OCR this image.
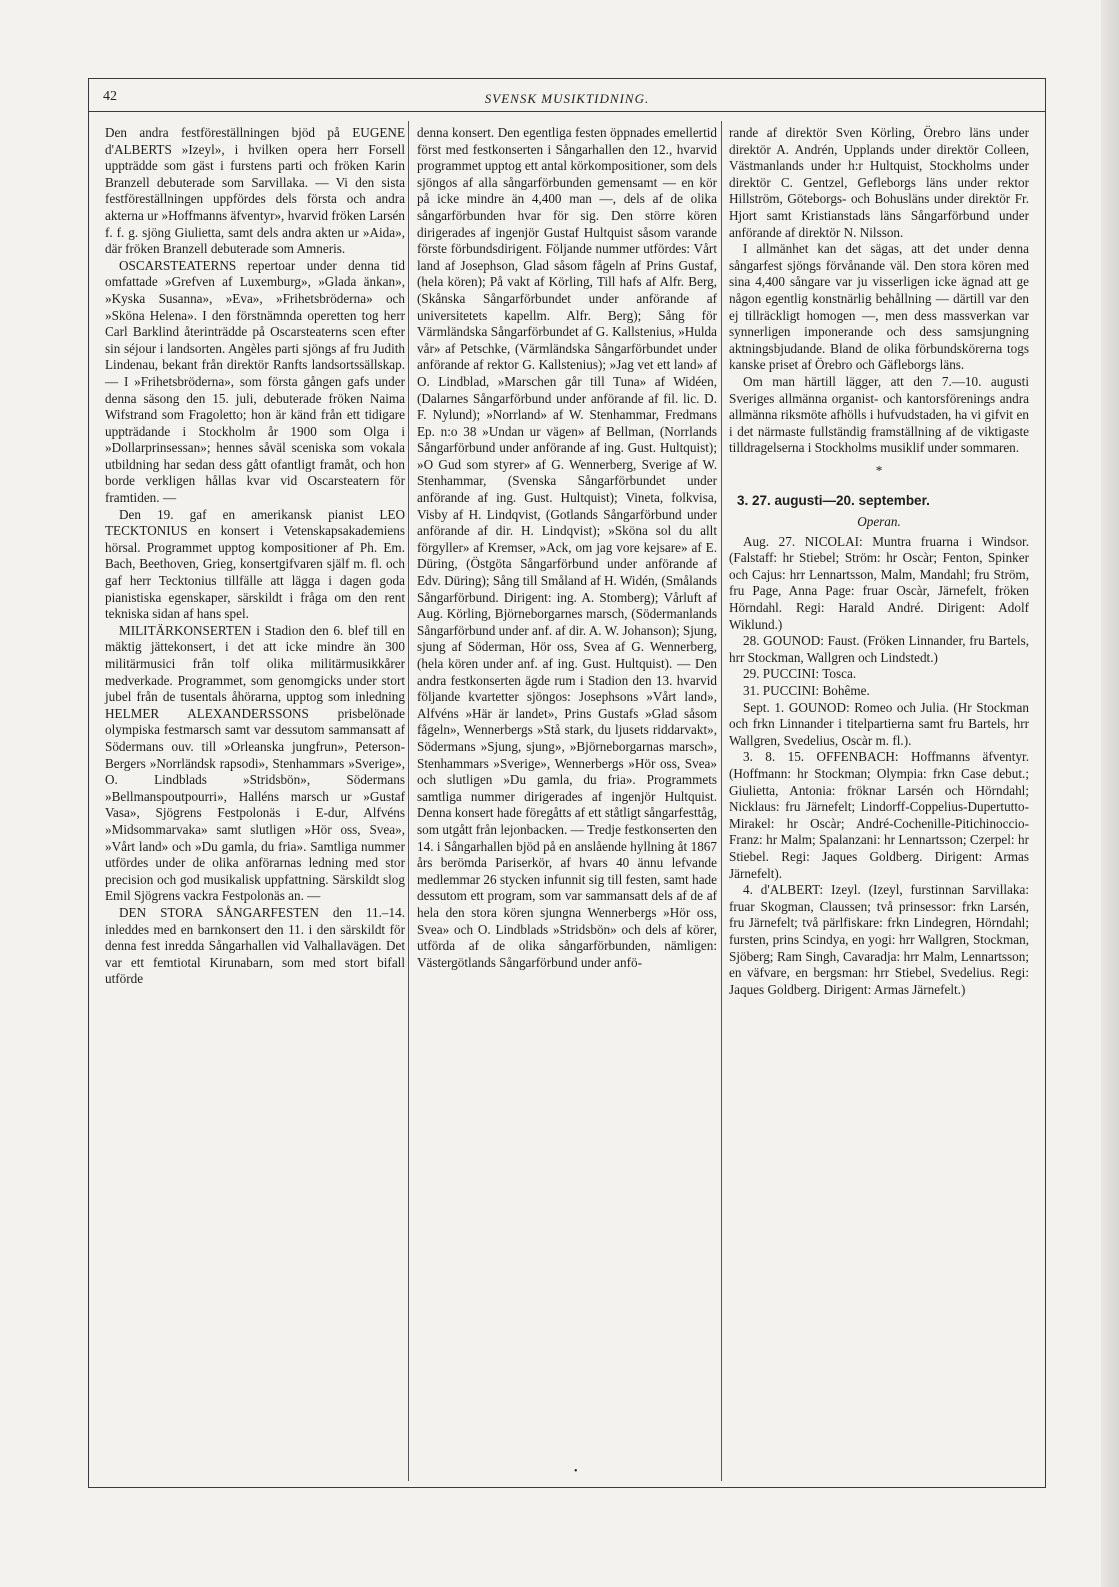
42	SVENSK MUSIKTIDNING.

Den andra festföreställningen bjöd på EUGENE d'ALBERTS »Izeyl», i hvilken opera herr Forsell uppträdde som gäst i furstens parti och fröken Karin Branzell debuterade som Sarvillaka. — Vi den sista festföreställningen uppfördes dels första och andra akterna ur »Hoffmanns äfventyr», hvarvid fröken Larsén f. f. g. sjöng Giulietta, samt dels andra akten ur »Aida», där fröken Branzell debuterade som Amneris.

OSCARSTEATERNS repertoar under denna tid omfattade »Grefven af Luxemburg», »Glada änkan», »Kyska Susanna», »Eva», »Frihetsbröderna» och »Sköna Helena». I den förstnämnda operetten tog herr Carl Barklind återinträdde på Oscarsteaterns scen efter sin séjour i landsorten. Angèles parti sjöngs af fru Judith Lindenau, bekant från direktör Ranfts landsortssällskap. — I »Frihetsbröderna», som första gången gafs under denna säsong den 15. juli, debuterade fröken Naima Wifstrand som Fragoletto; hon är känd från ett tidigare uppträdande i Stockholm år 1900 som Olga i »Dollarprinsessan»; hennes såväl sceniska som vokala utbildning har sedan dess gått ofantligt framåt, och hon borde verkligen hållas kvar vid Oscarsteatern för framtiden. —

Den 19. gaf en amerikansk pianist LEO TECKTONIUS en konsert i Vetenskapsakademiens hörsal. Programmet upptog kompositioner af Ph. Em. Bach, Beethoven, Grieg, konsertgifvaren själf m. fl. och gaf herr Tecktonius tillfälle att lägga i dagen goda pianistiska egenskaper, särskildt i fråga om den rent tekniska sidan af hans spel.

MILITÄRKONSERTEN i Stadion den 6. blef till en mäktig jättekonsert, i det att icke mindre än 300 militärmusici från tolf olika militärmusikkårer medverkade. Programmet, som genomgicks under stort jubel från de tusentals åhörarna, upptog som inledning HELMER ALEXANDERSSONS prisbelönade olympiska festmarsch samt var dessutom sammansatt af Södermans ouv. till »Orleanska jungfrun», Peterson-Bergers »Norrländsk rapsodi», Stenhammars »Sverige», O. Lindblads »Stridsbön», Södermans »Bellmanspoutpourri», Halléns marsch ur »Gustaf Vasa», Sjögrens Festpolonäs i E-dur, Alfvéns »Midsommarvaka» samt slutligen »Hör oss, Svea», »Vårt land» och »Du gamla, du fria». Samtliga nummer utfördes under de olika anförarnas ledning med stor precision och god musikalisk uppfattning. Särskildt slog Emil Sjögrens vackra Festpolonäs an. —

DEN STORA SÅNGARFESTEN den 11.–14. inleddes med en barnkonsert den 11. i den särskildt för denna fest inredda Sångarhallen vid Valhallavägen. Det var ett femtiotal Kirunabarn, som med stort bifall utförde

denna konsert. Den egentliga festen öppnades emellertid först med festkonserten i Sångarhallen den 12., hvarvid programmet upptog ett antal körkompositioner, som dels sjöngos af alla sångarförbunden gemensamt — en kör på icke mindre än 4,400 man —, dels af de olika sångarförbunden hvar för sig. Den större kören dirigerades af ingenjör Gustaf Hultquist såsom varande förste förbundsdirigent. Följande nummer utfördes: Vårt land af Josephson, Glad såsom fågeln af Prins Gustaf, (hela kören); På vakt af Körling, Till hafs af Alfr. Berg, (Skånska Sångarförbundet under anförande af universitetets kapellm. Alfr. Berg); Sång för Värmländska Sångarförbundet af G. Kallstenius, »Hulda vår» af Petschke, (Värmländska Sångarförbundet under anförande af rektor G. Kallstenius); »Jag vet ett land» af O. Lindblad, »Marschen går till Tuna» af Widéen, (Dalarnes Sångarförbund under anförande af fil. lic. D. F. Nylund); »Norrland» af W. Stenhammar, Fredmans Ep. n:o 38 »Undan ur vägen» af Bellman, (Norrlands Sångarförbund under anförande af ing. Gust. Hultquist); »O Gud som styrer» af G. Wennerberg, Sverige af W. Stenhammar, (Svenska Sångarförbundet under anförande af ing. Gust. Hultquist); Vineta, folkvisa, Visby af H. Lindqvist, (Gotlands Sångarförbund under anförande af dir. H. Lindqvist); »Sköna sol du allt förgyller» af Kremser, »Ack, om jag vore kejsare» af E. Düring, (Östgöta Sångarförbund under anförande af Edv. Düring); Sång till Småland af H. Widén, (Smålands Sångarförbund. Dirigent: ing. A. Stomberg); Vårluft af Aug. Körling, Björneborgarnes marsch, (Södermanlands Sångarförbund under anf. af dir. A. W. Johanson); Sjung, sjung af Söderman, Hör oss, Svea af G. Wennerberg, (hela kören under anf. af ing. Gust. Hultquist). — Den andra festkonserten ägde rum i Stadion den 13. hvarvid följande kvartetter sjöngos: Josephsons »Vårt land», Alfvéns »Här är landet», Prins Gustafs »Glad såsom fågeln», Wennerbergs »Stå stark, du ljusets riddarvakt», Södermans »Sjung, sjung», »Björneborgarnas marsch», Stenhammars »Sverige», Wennerbergs »Hör oss, Svea» och slutligen »Du gamla, du fria». Programmets samtliga nummer dirigerades af ingenjör Hultquist. Denna konsert hade föregåtts af ett ståtligt sångarfesttåg, som utgått från lejonbacken. — Tredje festkonserten den 14. i Sångarhallen bjöd på en anslående hyllning åt 1867 års berömda Pariserkör, af hvars 40 ännu lefvande medlemmar 26 stycken infunnit sig till festen, samt hade dessutom ett program, som var sammansatt dels af de af hela den stora kören sjungna Wennerbergs »Hör oss, Svea» och O. Lindblads »Stridsbön» och dels af körer, utförda af de olika sångarförbunden, nämligen: Västergötlands Sångarförbund under anfö-

rande af direktör Sven Körling, Örebro läns under direktör A. Andrén, Upplands under direktör Colleen, Västmanlands under h:r Hultquist, Stockholms under direktör C. Gentzel, Gefleborgs läns under rektor Hillström, Göteborgs- och Bohusläns under direktör Fr. Hjort samt Kristianstads läns Sångarförbund under anförande af direktör N. Nilsson.

I allmänhet kan det sägas, att det under denna sångarfest sjöngs förvånande väl. Den stora kören med sina 4,400 sångare var ju visserligen icke ägnad att ge någon egentlig konstnärlig behållning — därtill var den ej tillräckligt homogen —, men dess massverkan var synnerligen imponerande och dess samsjungning aktningsbjudande. Bland de olika förbundskörerna togs kanske priset af Örebro och Gäfleborgs läns.

Om man härtill lägger, att den 7.—10. augusti Sveriges allmänna organist- och kantorsförenings andra allmänna riksmöte afhölls i hufvudstaden, ha vi gifvit en i det närmaste fullständig framställning af de viktigaste tilldragelserna i Stockholms musiklif under sommaren.

*

3. 27. augusti—20. september.

Operan.

Aug. 27. NICOLAI: Muntra fruarna i Windsor. (Falstaff: hr Stiebel; Ström: hr Oscàr; Fenton, Spinker och Cajus: hrr Lennartsson, Malm, Mandahl; fru Ström, fru Page, Anna Page: fruar Oscàr, Järnefelt, fröken Hörndahl. Regi: Harald André. Dirigent: Adolf Wiklund.)

28. GOUNOD: Faust. (Fröken Linnander, fru Bartels, hrr Stockman, Wallgren och Lindstedt.)

29. PUCCINI: Tosca.

31. PUCCINI: Bohême.

Sept. 1. GOUNOD: Romeo och Julia. (Hr Stockman och frkn Linnander i titelpartierna samt fru Bartels, hrr Wallgren, Svedelius, Oscàr m. fl.).

3. 8. 15. OFFENBACH: Hoffmanns äfventyr. (Hoffmann: hr Stockman; Olympia: frkn Case debut.; Giulietta, Antonia: fröknar Larsén och Hörndahl; Nicklaus: fru Järnefelt; Lindorff-Coppelius-Dupertutto-Mirakel: hr Oscàr; André-Cochenille-Pitichinoccio-Franz: hr Malm; Spalanzani: hr Lennartsson; Czerpel: hr Stiebel. Regi: Jaques Goldberg. Dirigent: Armas Järnefelt).

4. d'ALBERT: Izeyl. (Izeyl, furstinnan Sarvillaka: fruar Skogman, Claussen; två prinsessor: frkn Larsén, fru Järnefelt; två pärlfiskare: frkn Lindegren, Hörndahl; fursten, prins Scindya, en yogi: hrr Wallgren, Stockman, Sjöberg; Ram Singh, Cavaradja: hrr Malm, Lennartsson; en väfvare, en bergsman: hrr Stiebel, Svedelius. Regi: Jaques Goldberg. Dirigent: Armas Järnefelt.)

•
